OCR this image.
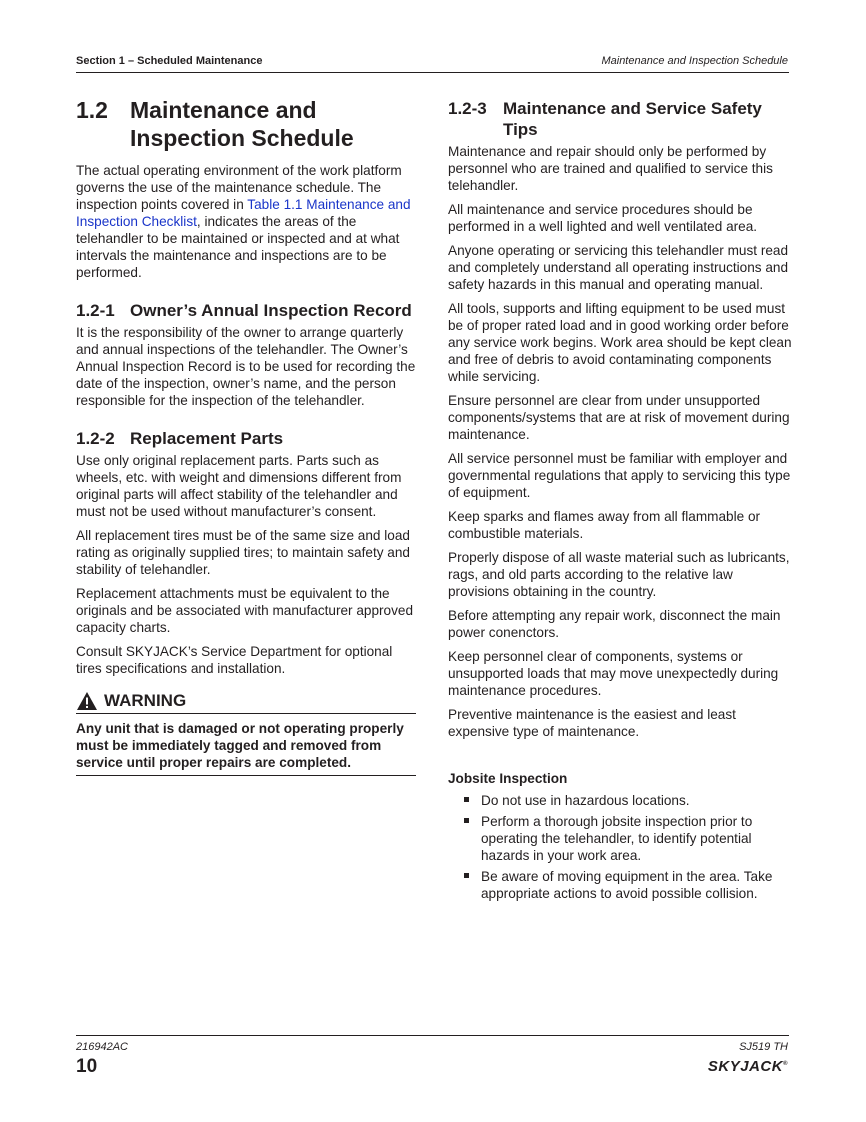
Section 1 – Scheduled Maintenance	Maintenance and Inspection Schedule
1.2 Maintenance and Inspection Schedule

The actual operating environment of the work platform governs the use of the maintenance schedule. The inspection points covered in Table 1.1 Maintenance and Inspection Checklist, indicates the areas of the telehandler to be maintained or inspected and at what intervals the maintenance and inspections are to be performed.

1.2-1 Owner’s Annual Inspection Record

It is the responsibility of the owner to arrange quarterly and annual inspections of the telehandler. The Owner’s Annual Inspection Record is to be used for recording the date of the inspection, owner’s name, and the person responsible for the inspection of the telehandler.

1.2-2 Replacement Parts

Use only original replacement parts. Parts such as wheels, etc. with weight and dimensions different from original parts will affect stability of the telehandler and must not be used without manufacturer’s consent.

All replacement tires must be of the same size and load rating as originally supplied tires; to maintain safety and stability of telehandler.

Replacement attachments must be equivalent to the originals and be associated with manufacturer approved capacity charts.

Consult SKYJACK’s Service Department for optional tires specifications and installation.

WARNING
Any unit that is damaged or not operating properly must be immediately tagged and removed from service until proper repairs are completed.
1.2-3 Maintenance and Service Safety Tips

Maintenance and repair should only be performed by personnel who are trained and qualified to service this telehandler.

All maintenance and service procedures should be performed in a well lighted and well ventilated area.

Anyone operating or servicing this telehandler must read and completely understand all operating instructions and safety hazards in this manual and operating manual.

All tools, supports and lifting equipment to be used must be of proper rated load and in good working order before any service work begins. Work area should be kept clean and free of debris to avoid contaminating components while servicing.

Ensure personnel are clear from under unsupported components/systems that are at risk of movement during maintenance.

All service personnel must be familiar with employer and governmental regulations that apply to servicing this type of equipment.

Keep sparks and flames away from all flammable or combustible materials.

Properly dispose of all waste material such as lubricants, rags, and old parts according to the relative law provisions obtaining in the country.

Before attempting any repair work, disconnect the main power conenctors.

Keep personnel clear of components, systems or unsupported loads that may move unexpectedly during maintenance procedures.

Preventive maintenance is the easiest and least expensive type of maintenance.

Jobsite Inspection
Do not use in hazardous locations.
Perform a thorough jobsite inspection prior to operating the telehandler, to identify potential hazards in your work area.
Be aware of moving equipment in the area. Take appropriate actions to avoid possible collision.
216942AC	SJ519 TH
10	SKYJACK®
